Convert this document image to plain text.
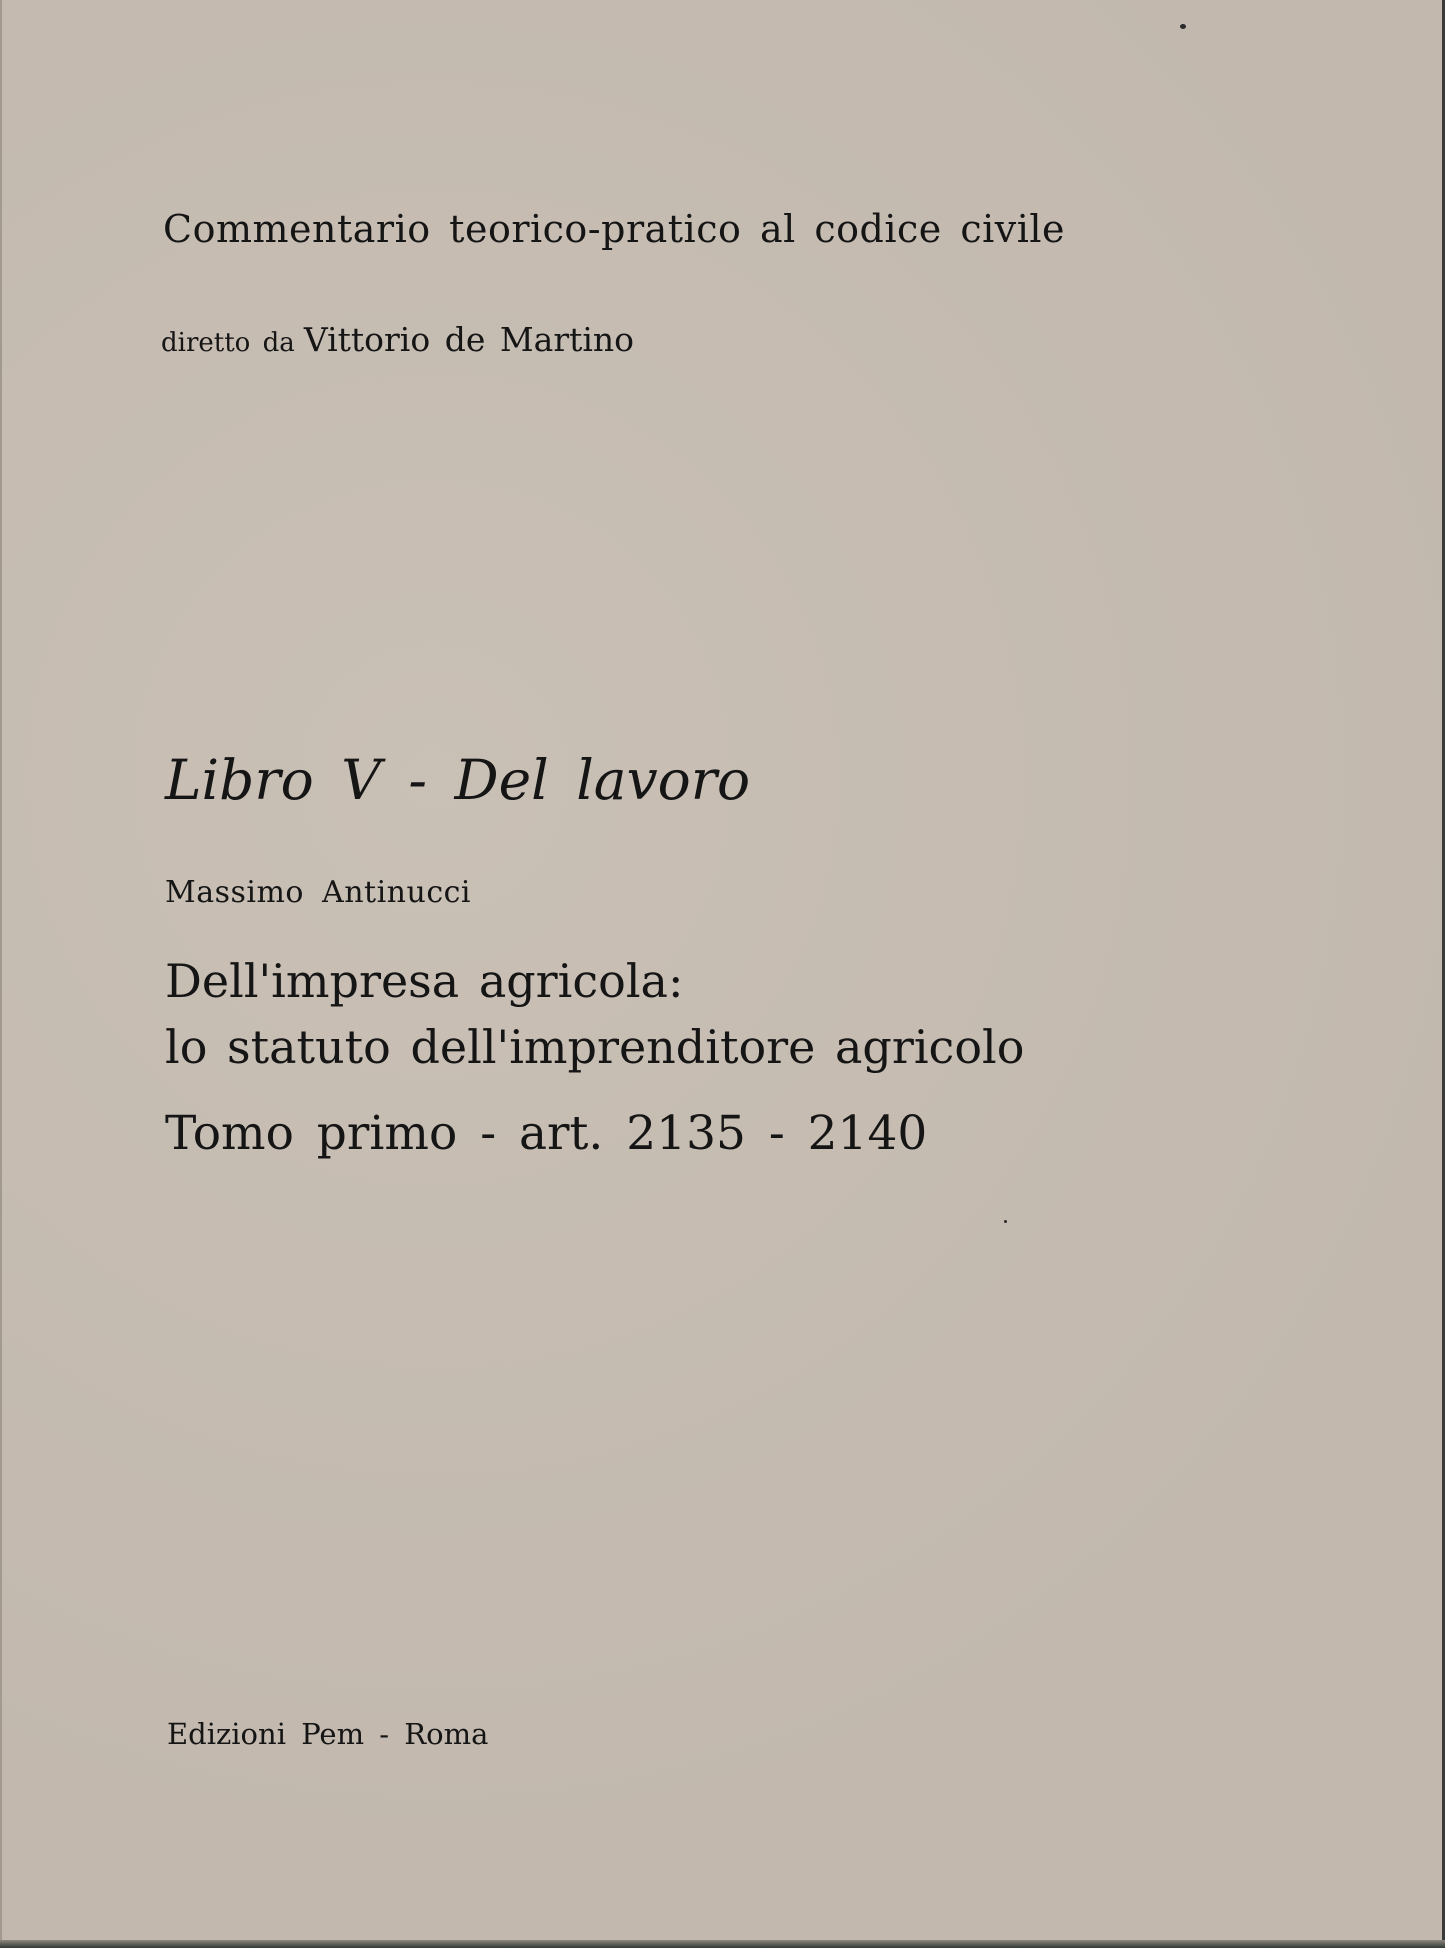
Commentario teorico-pratico al codice civile

diretto da Vittorio de Martino

Libro V - Del lavoro

Massimo Antinucci

Dell'impresa agricola:

lo statuto dell'imprenditore agricolo

Tomo primo - art. 2135 - 2140

Edizioni Pem - Roma
